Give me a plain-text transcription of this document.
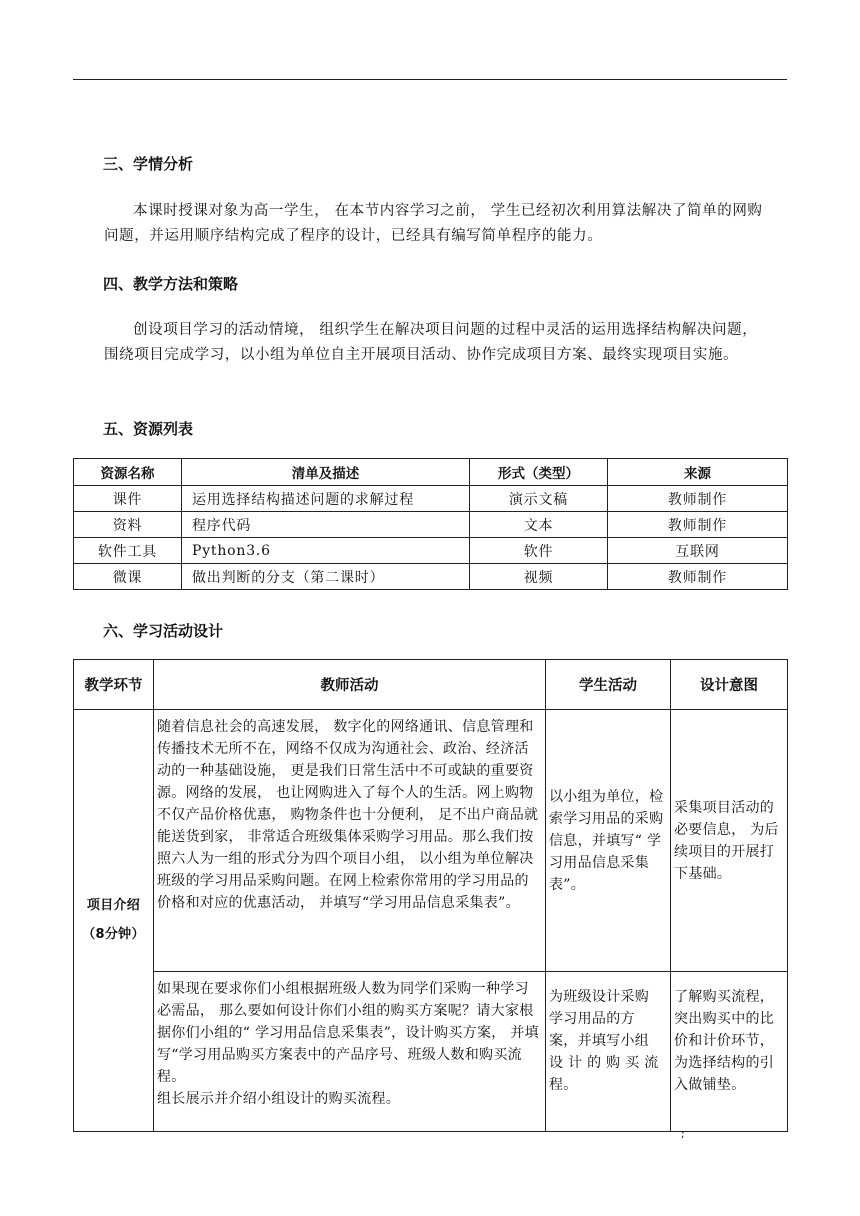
三、学情分析

本课时授课对象为高一学生， 在本节内容学习之前， 学生已经初次利用算法解决了简单的网购问题，并运用顺序结构完成了程序的设计，已经具有编写简单程序的能力。

四、教学方法和策略

创设项目学习的活动情境， 组织学生在解决项目问题的过程中灵活的运用选择结构解决问题，围绕项目完成学习，以小组为单位自主开展项目活动、协作完成项目方案、最终实现项目实施。

五、资源列表
资源名称	清单及描述	形式（类型）	来源
课件	运用选择结构描述问题的求解过程	演示文稿	教师制作
资料	程序代码	文本	教师制作
软件工具	Python3.6	软件	互联网
微课	做出判断的分支（第二课时）	视频	教师制作
六、学习活动设计
教学环节	教师活动	学生活动	设计意图

项目介绍
（8分钟）	随着信息社会的高速发展， 数字化的网络通讯、信息管理和传播技术无所不在，网络不仅成为沟通社会、政治、经济活动的一种基础设施， 更是我们日常生活中不可或缺的重要资源。网络的发展， 也让网购进入了每个人的生活。网上购物不仅产品价格优惠， 购物条件也十分便利， 足不出户商品就能送货到家， 非常适合班级集体采购学习用品。那么我们按照六人为一组的形式分为四个项目小组， 以小组为单位解决班级的学习用品采购问题。在网上检索你常用的学习用品的价格和对应的优惠活动， 并填写“学习用品信息采集表”。	以小组为单位，检索学习用品的采购信息，并填写“ 学习用品信息采集表”。	采集项目活动的必要信息， 为后续项目的开展打下基础。

	如果现在要求你们小组根据班级人数为同学们采购一种学习必需品， 那么要如何设计你们小组的购买方案呢？请大家根据你们小组的“ 学习用品信息采集表”，设计购买方案， 并填写“学习用品购买方案表中的产品序号、班级人数和购买流程。
组长展示并介绍小组设计的购买流程。	为班级设计采购 学习用品的方 案，并填写小组 设 计 的 购 买 流 程。	了解购买流程，突出购买中的比价和计价环节，为选择结构的引入做铺垫。
;
